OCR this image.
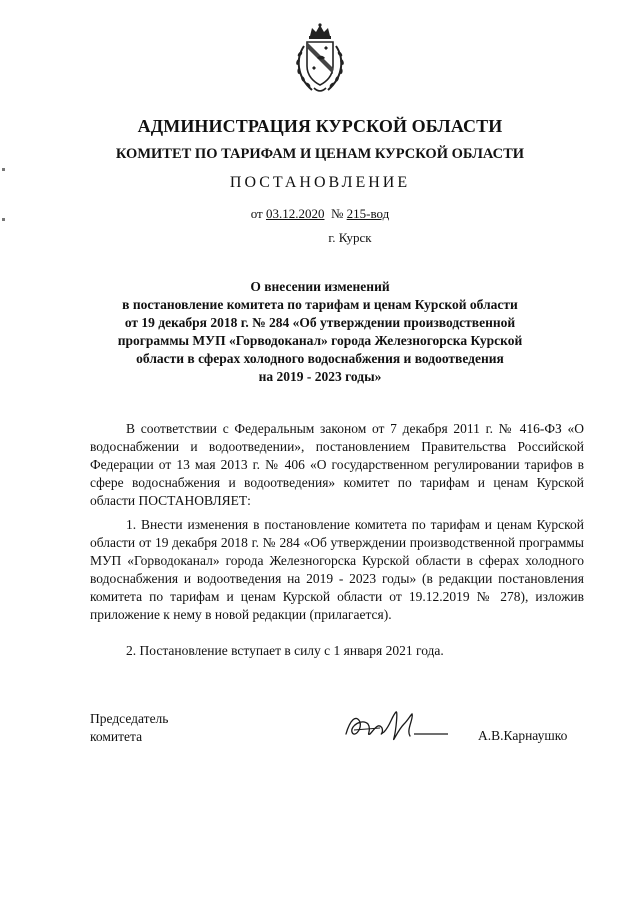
АДМИНИСТРАЦИЯ КУРСКОЙ ОБЛАСТИ
КОМИТЕТ ПО ТАРИФАМ И ЦЕНАМ КУРСКОЙ ОБЛАСТИ
ПОСТАНОВЛЕНИЕ
от 03.12.2020 № 215-вод
г. Курск
О внесении изменений
в постановление комитета по тарифам и ценам Курской области
от 19 декабря 2018 г. № 284 «Об утверждении производственной
программы МУП «Горводоканал» города Железногорска Курской
области в сферах холодного водоснабжения и водоотведения
на 2019 - 2023 годы»

В соответствии с Федеральным законом от 7 декабря 2011 г. № 416-ФЗ «О водоснабжении и водоотведении», постановлением Правительства Российской Федерации от 13 мая 2013 г. № 406 «О государственном регулировании тарифов в сфере водоснабжения и водоотведения» комитет по тарифам и ценам Курской области ПОСТАНОВЛЯЕТ:

1. Внести изменения в постановление комитета по тарифам и ценам Курской области от 19 декабря 2018 г. № 284 «Об утверждении производственной программы МУП «Горводоканал» города Железногорска Курской области в сферах холодного водоснабжения и водоотведения на 2019 - 2023 годы» (в редакции постановления комитета по тарифам и ценам Курской области от 19.12.2019 № 278), изложив приложение к нему в новой редакции (прилагается).

2. Постановление вступает в силу с 1 января 2021 года.

Председатель
комитета	А.В.Карнаушко
